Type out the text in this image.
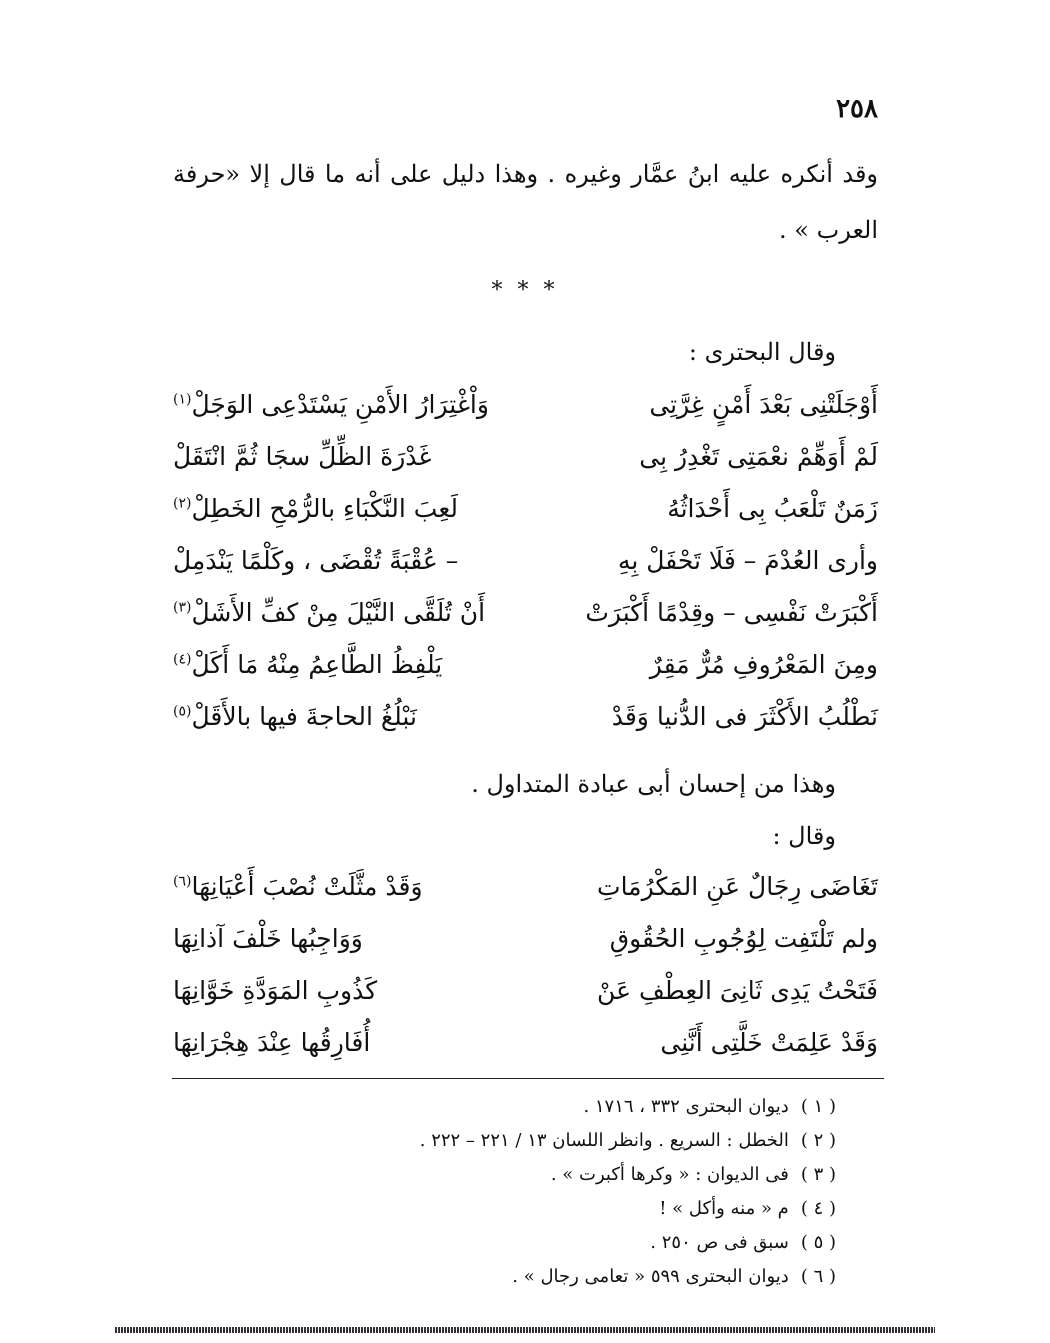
٢٥٨

وقد أنكره عليه ابنُ عمَّار وغيره . وهذا دليل على أنه ما قال إلا «حرفة العرب » .

* * *
وقال البحترى :
أَوْجَلَتْنِى بَعْدَ أَمْنٍ غِرَّتِى
وَاْغْتِرَارُ الأَمْنِ يَسْتَدْعِى الوَجَلْ$^{(١)}$
لَمْ أَوَهِّمْ نعْمَتِى تَغْدِرُ بِى
غَدْرَةَ الظِّلِّ سجَا ثُمَّ انْتَقَلْ
زَمَنٌ تَلْعَبُ بِى أَحْدَاثُهُ
لَعِبَ النَّكْبَاءِ بالرُّمْحِ الخَطِلْ$^{(٢)}$
وأرى العُدْمَ – فَلَا تَحْفَلْ بِهِ
– عُقْبَةً تُقْضَى ، وكَلْمًا يَنْدَمِلْ
أَكْبَرَتْ نَفْسِى – وقِدْمًا أَكْبَرَتْ
أَنْ تُلَقَّى النَّيْلَ مِنْ كفِّ الأَشَلْ$^{(٣)}$
ومِنَ المَعْرُوفِ مُرٌّ مَقِرٌ
يَلْفِظُ الطَّاعِمُ مِنْهُ مَا أَكَلْ$^{(٤)}$
نَطْلُبُ الأَكْثَرَ فى الدُّنيا وَقَدْ
نَبْلُغُ الحاجةَ فيها بالأَقَلْ$^{(٥)}$
وهذا من إحسان أبى عبادة المتداول .
وقال :
تَغَاضَى رِجَالٌ عَنِ المَكْرُمَاتِ
وَقَدْ مثَّلَتْ نُصْبَ أَعْيَانِهَا$^{(٦)}$
ولم تَلْتَفِت لِوُجُوبِ الحُقُوقِ
وَوَاجِبُها خَلْفَ آذانِهَا
فَتَحْتُ يَدِى ثَانِىَ العِطْفِ عَنْ
كَذُوبِ المَوَدَّةِ خَوَّانِهَا
وَقَدْ عَلِمَتْ خَلَّتِى أَنَّنِى
أُفَارِقُها عِنْدَ هِجْرَانِهَا
( ١ )ديوان البحترى ٣٣٢ ، ١٧١٦ .
( ٢ )الخطل : السريع . وانظر اللسان ١٣ / ٢٢١ – ٢٢٢ .
( ٣ )فى الديوان : « وكرها أكبرت » .
( ٤ )م « منه وأكل » !
( ٥ )سبق فى ص ٢٥٠ .
( ٦ )ديوان البحترى ٥٩٩ « تعامى رجال » .
